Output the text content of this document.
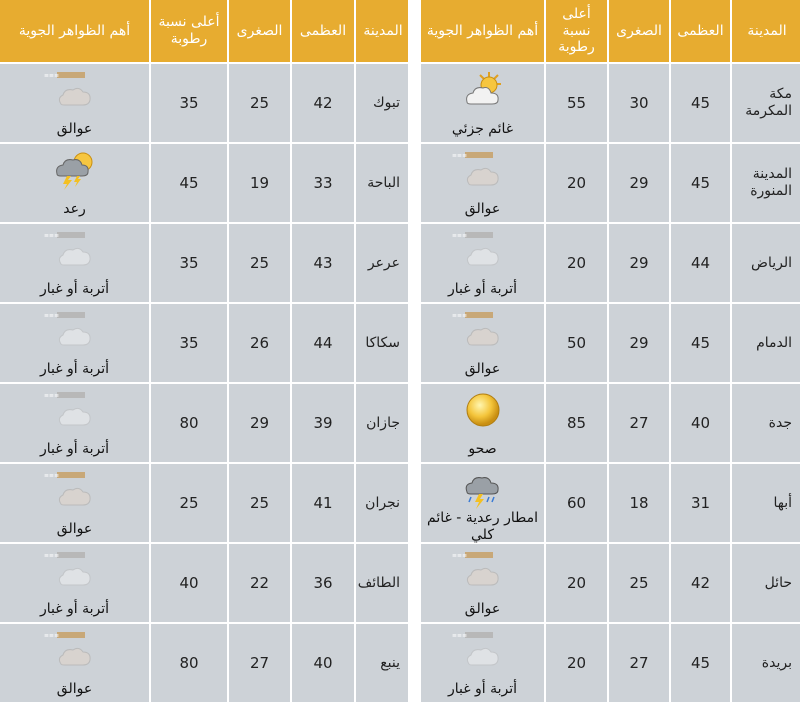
المدينة
العظمى
الصغرى
أعلى نسبة رطوبة
أهم الظواهر الجوية
مكة المكرمة
45
30
55
غائم جزئي
المدينة المنورة
45
29
20
≡≡≡
عوالق
الرياض
44
29
20
≡≡≡
أتربة أو غبار
الدمام
45
29
50
≡≡≡
عوالق
جدة
40
27
85
صحو
أبها
31
18
60
امطار رعدية - غائم كلي
حائل
42
25
20
≡≡≡
عوالق
بريدة
45
27
20
≡≡≡
أتربة أو غبار
المدينة
العظمى
الصغرى
أعلى نسبة رطوبة
أهم الظواهر الجوية
تبوك
42
25
35
≡≡≡
عوالق
الباحة
33
19
45
رعد
عرعر
43
25
35
≡≡≡
أتربة أو غبار
سكاكا
44
26
35
≡≡≡
أتربة أو غبار
جازان
39
29
80
≡≡≡
أتربة أو غبار
نجران
41
25
25
≡≡≡
عوالق
الطائف
36
22
40
≡≡≡
أتربة أو غبار
ينبع
40
27
80
≡≡≡
عوالق
